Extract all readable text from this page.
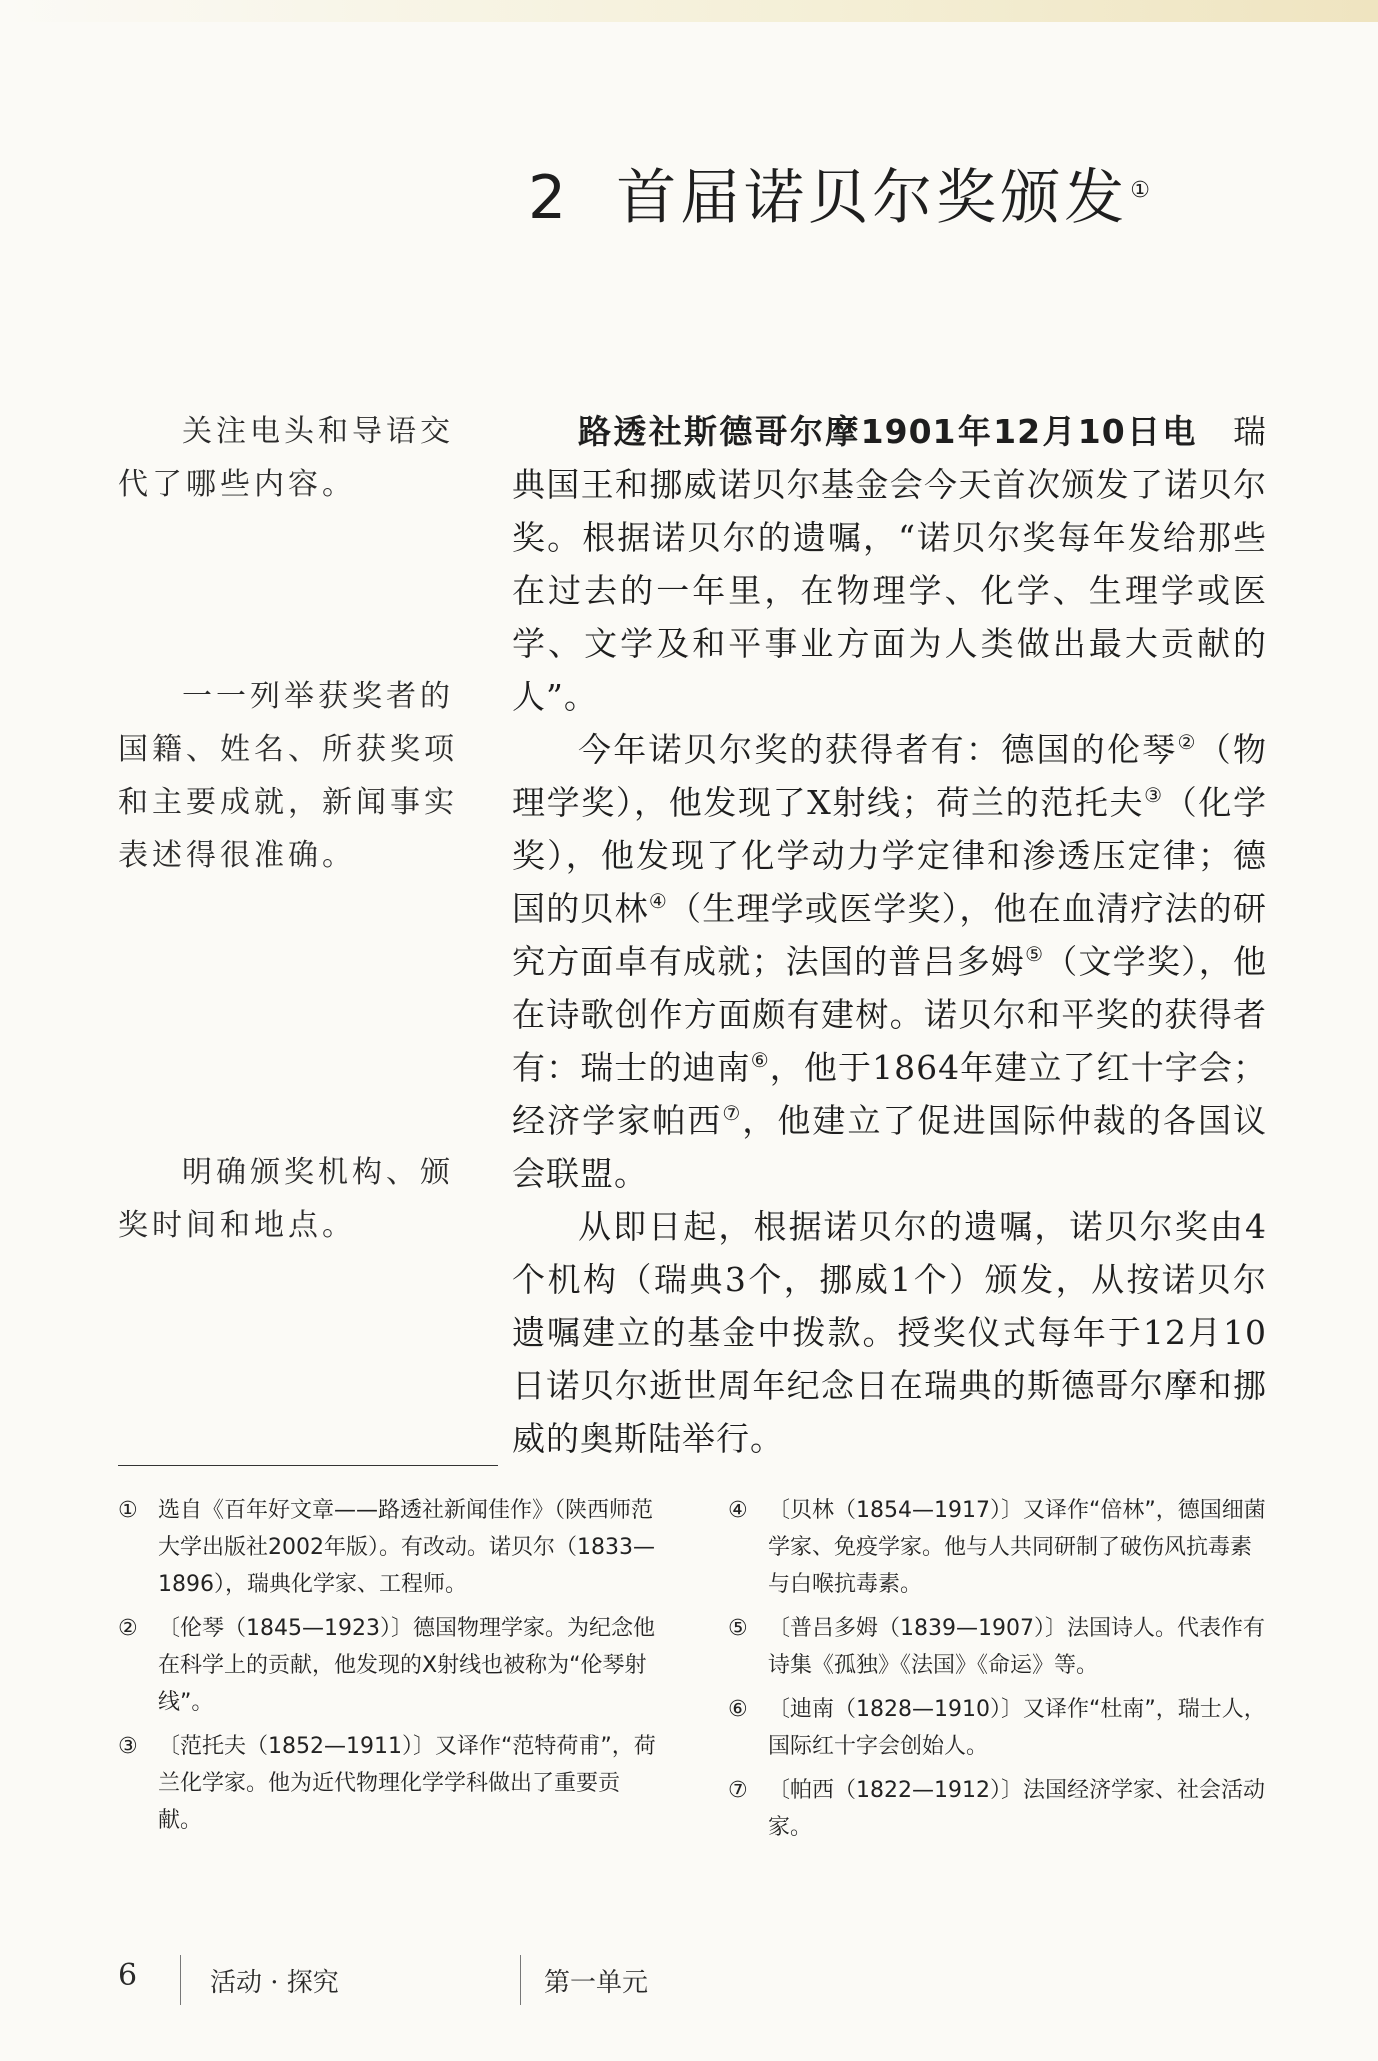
2 首届诺贝尔奖颁发①

关注电头和导语交代了哪些内容。

一一列举获奖者的国籍、姓名、所获奖项和主要成就，新闻事实表述得很准确。

明确颁奖机构、颁奖时间和地点。

路透社斯德哥尔摩1901年12月10日电　 瑞典国王和挪威诺贝尔基金会今天首次颁发了诺贝尔奖。根据诺贝尔的遗嘱，“诺贝尔奖每年发给那些在过去的一年里，在物理学、化学、生理学或医学、文学及和平事业方面为人类做出最大贡献的人”。

今年诺贝尔奖的获得者有：德国的伦琴②（物理学奖），他发现了X射线；荷兰的范托夫③（化学奖），他发现了化学动力学定律和渗透压定律；德国的贝林④（生理学或医学奖），他在血清疗法的研究方面卓有成就；法国的普吕多姆⑤（文学奖），他在诗歌创作方面颇有建树。诺贝尔和平奖的获得者有：瑞士的迪南⑥，他于1864年建立了红十字会；经济学家帕西⑦，他建立了促进国际仲裁的各国议会联盟。

从即日起，根据诺贝尔的遗嘱，诺贝尔奖由4个机构（瑞典3个，挪威1个）颁发，从按诺贝尔遗嘱建立的基金中拨款。授奖仪式每年于12月10日诺贝尔逝世周年纪念日在瑞典的斯德哥尔摩和挪威的奥斯陆举行。

① 选自《百年好文章——路透社新闻佳作》（陕西师范大学出版社2002年版）。有改动。诺贝尔（1833—1896），瑞典化学家、工程师。

② 〔伦琴（1845—1923）〕德国物理学家。为纪念他在科学上的贡献，他发现的X射线也被称为“伦琴射线”。

③ 〔范托夫（1852—1911）〕又译作“范特荷甫”，荷兰化学家。他为近代物理化学学科做出了重要贡献。

④ 〔贝林（1854—1917）〕又译作“倍林”，德国细菌学家、免疫学家。他与人共同研制了破伤风抗毒素与白喉抗毒素。

⑤ 〔普吕多姆（1839—1907）〕法国诗人。代表作有诗集《孤独》《法国》《命运》等。

⑥ 〔迪南（1828—1910）〕又译作“杜南”，瑞士人，国际红十字会创始人。

⑦ 〔帕西（1822—1912）〕法国经济学家、社会活动家。

6	活动 · 探究	第一单元
